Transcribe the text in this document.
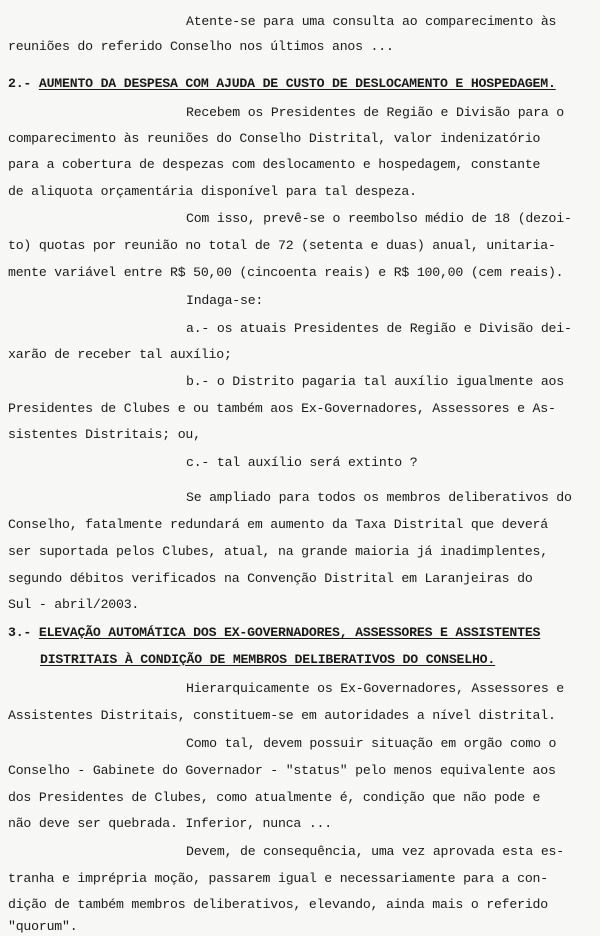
Atente-se para uma consulta ao comparecimento às
reuniões do referido Conselho nos últimos anos ...
2.- AUMENTO DA DESPESA COM AJUDA DE CUSTO DE DESLOCAMENTO E HOSPEDAGEM.
Recebem os Presidentes de Região e Divisão para o
comparecimento às reuniões do Conselho Distrital, valor indenizatório
para a cobertura de despezas com deslocamento e hospedagem, constante
de aliquota orçamentária disponível para tal despeza.
Com isso, prevê-se o reembolso médio de 18 (dezoi-
to) quotas por reunião no total de 72 (setenta e duas) anual, unitaria-
mente variável entre R$ 50,00 (cincoenta reais) e R$ 100,00 (cem reais).
Indaga-se:
a.- os atuais Presidentes de Região e Divisão dei-
xarão de receber tal auxílio;
b.- o Distrito pagaria tal auxílio igualmente aos
Presidentes de Clubes e ou também aos Ex-Governadores, Assessores e As-
sistentes Distritais; ou,
c.- tal auxílio será extinto ?
Se ampliado para todos os membros deliberativos do
Conselho, fatalmente redundará em aumento da Taxa Distrital que deverá
ser suportada pelos Clubes, atual, na grande maioria já inadimplentes,
segundo débitos verificados na Convenção Distrital em Laranjeiras do
Sul - abril/2003.
3.- ELEVAÇÃO AUTOMÁTICA DOS EX-GOVERNADORES, ASSESSORES E ASSISTENTES
DISTRITAIS À CONDIÇÃO DE MEMBROS DELIBERATIVOS DO CONSELHO.
Hierarquicamente os Ex-Governadores, Assessores e
Assistentes Distritais, constituem-se em autoridades a nível distrital.
Como tal, devem possuir situação em orgão como o
Conselho - Gabinete do Governador - "status" pelo menos equivalente aos
dos Presidentes de Clubes, como atualmente é, condição que não pode e
não deve ser quebrada. Inferior, nunca ...
Devem, de consequência, uma vez aprovada esta es-
tranha e imprépria moção, passarem igual e necessariamente para a con-
dição de também membros deliberativos, elevando, ainda mais o referido
"quorum".
